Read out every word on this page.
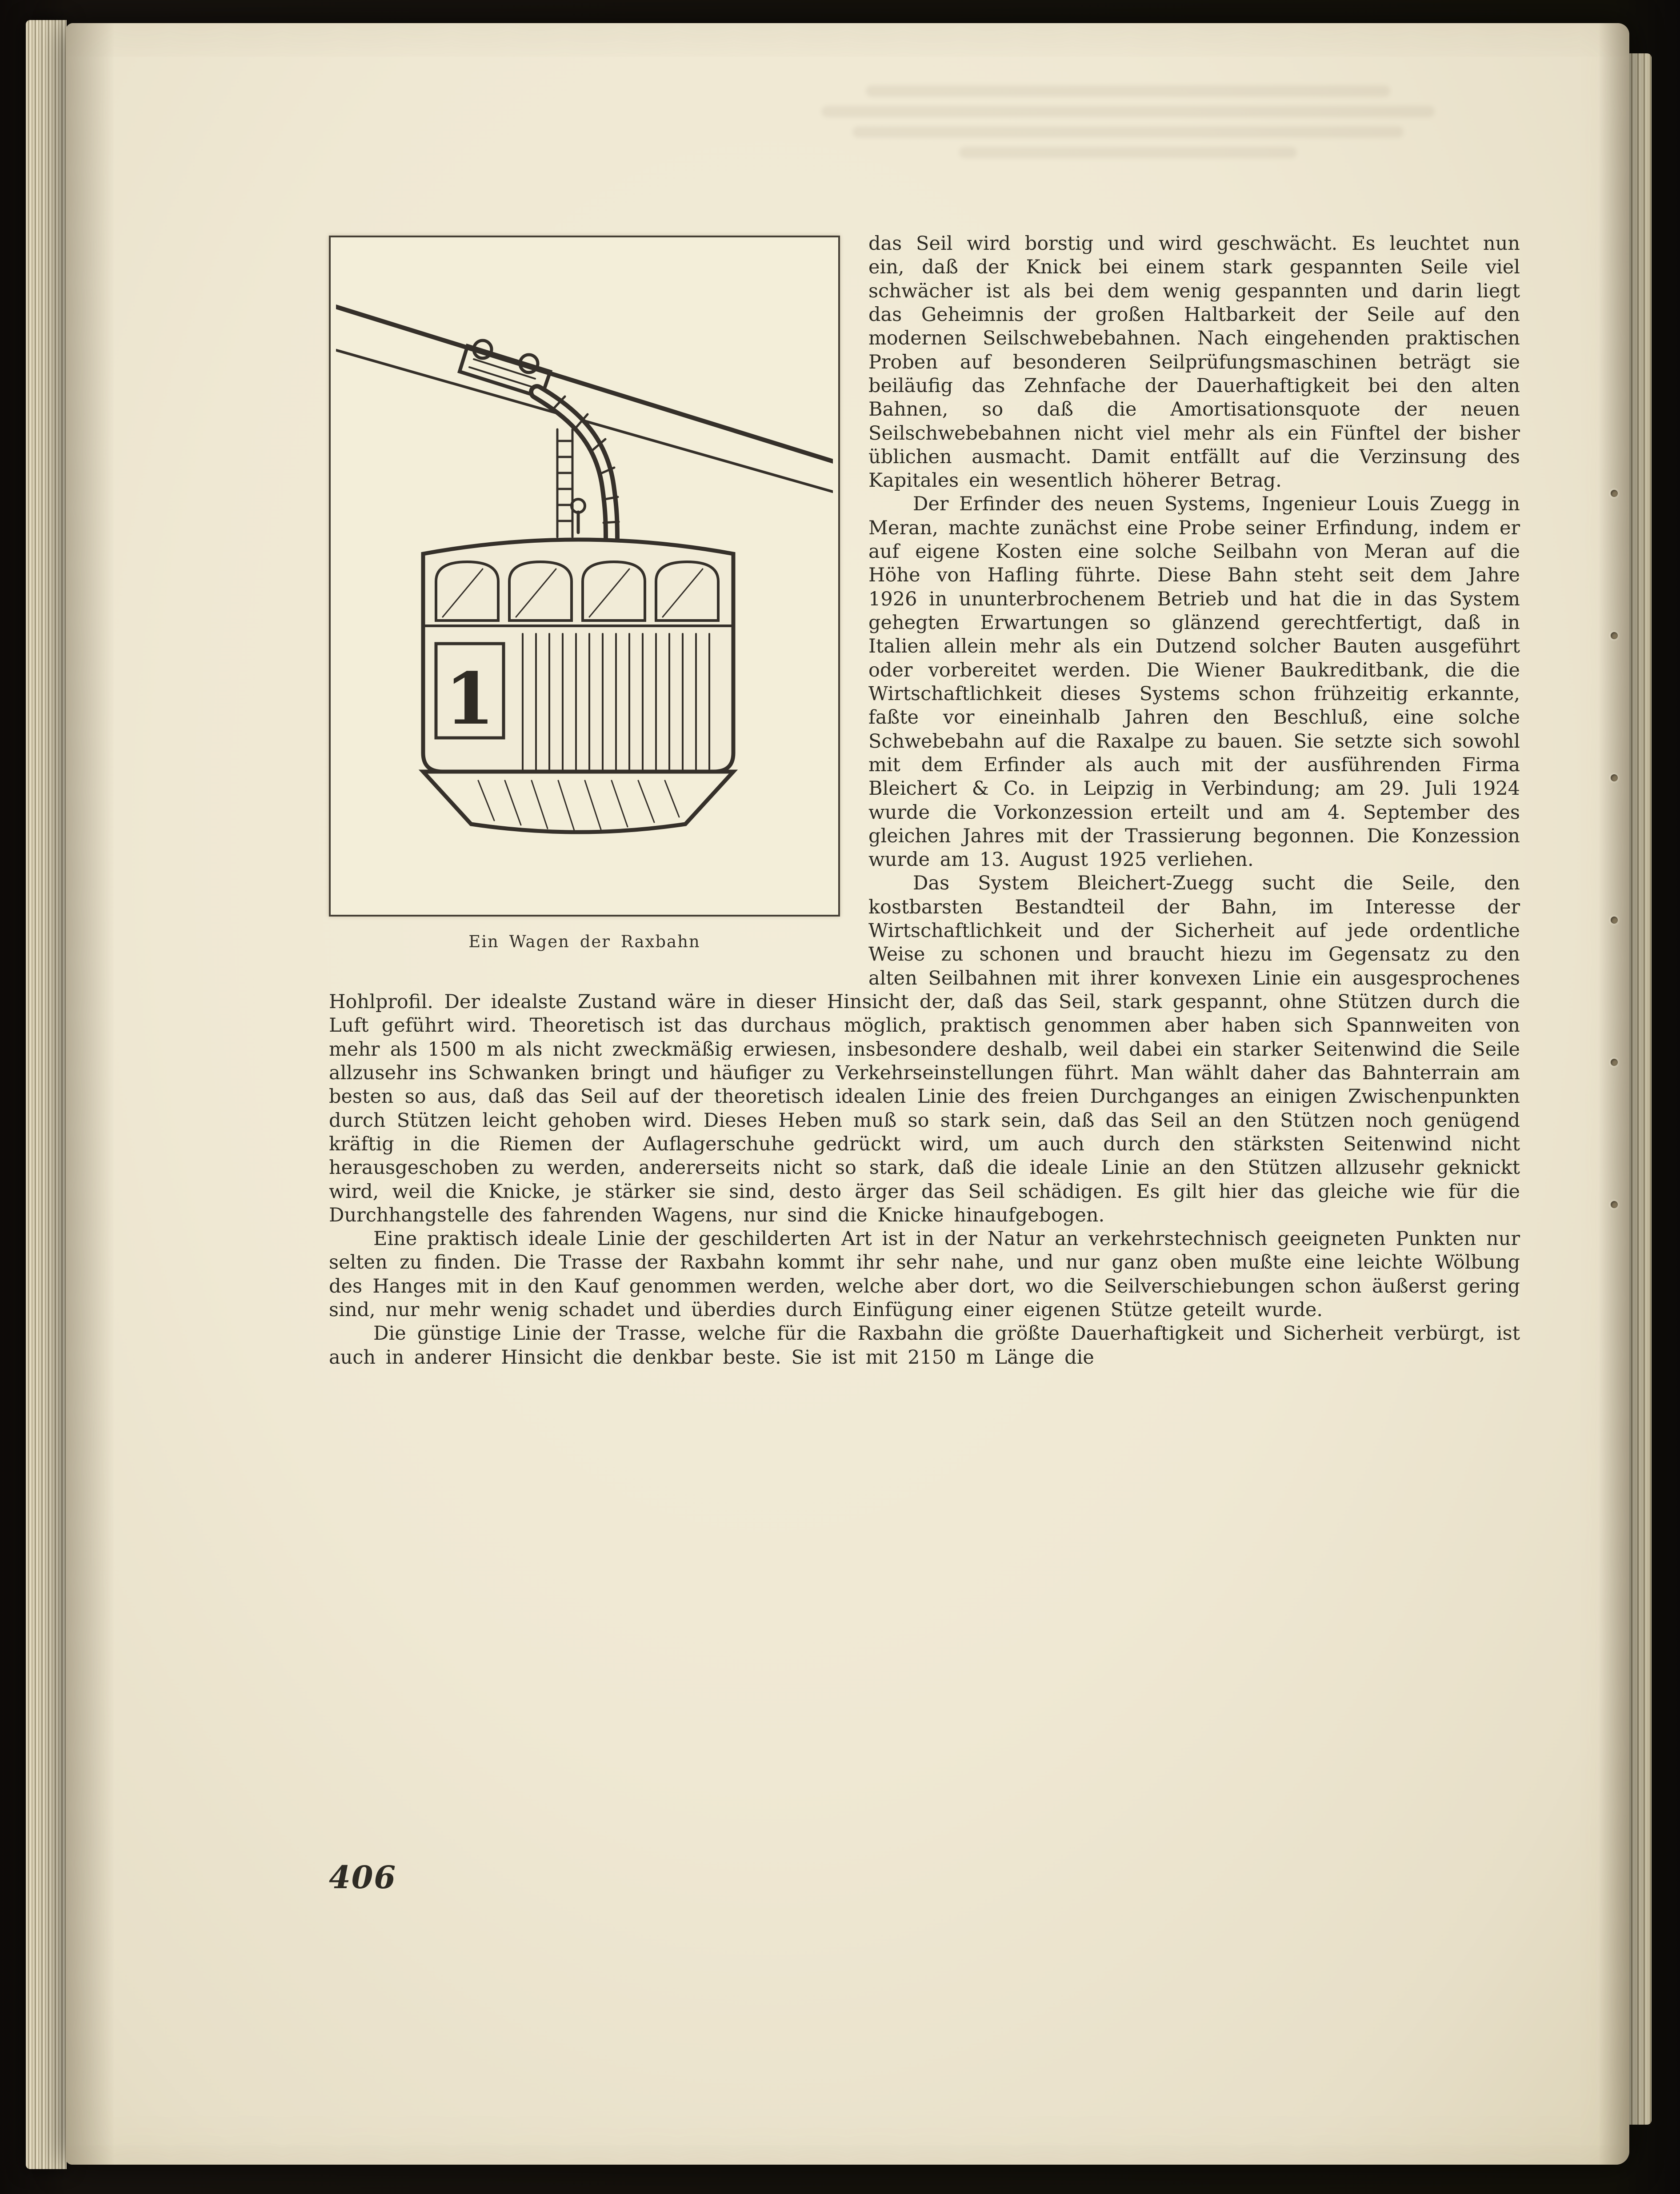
1
Ein Wagen der Raxbahn

das Seil wird borstig und wird geschwächt. Es leuchtet nun ein, daß der Knick bei einem stark gespannten Seile viel schwächer ist als bei dem wenig gespannten und darin liegt das Geheimnis der großen Haltbarkeit der Seile auf den modernen Seilschwebebahnen. Nach eingehenden praktischen Proben auf besonderen Seilprüfungsmaschinen beträgt sie beiläufig das Zehnfache der Dauerhaftigkeit bei den alten Bahnen, so daß die Amortisationsquote der neuen Seilschwebebahnen nicht viel mehr als ein Fünftel der bisher üblichen ausmacht. Damit entfällt auf die Verzinsung des Kapitales ein wesentlich höherer Betrag.

Der Erfinder des neuen Systems, Ingenieur Louis Zuegg in Meran, machte zunächst eine Probe seiner Erfindung, indem er auf eigene Kosten eine solche Seilbahn von Meran auf die Höhe von Hafling führte. Diese Bahn steht seit dem Jahre 1926 in ununterbrochenem Betrieb und hat die in das System gehegten Erwartungen so glänzend gerechtfertigt, daß in Italien allein mehr als ein Dutzend solcher Bauten ausgeführt oder vorbereitet werden. Die Wiener Baukreditbank, die die Wirtschaftlichkeit dieses Systems schon frühzeitig erkannte, faßte vor eineinhalb Jahren den Beschluß, eine solche Schwebebahn auf die Raxalpe zu bauen. Sie setzte sich sowohl mit dem Erfinder als auch mit der ausführenden Firma Bleichert & Co. in Leipzig in Verbindung; am 29. Juli 1924 wurde die Vorkonzession erteilt und am 4. September des gleichen Jahres mit der Trassierung begonnen. Die Konzession wurde am 13. August 1925 verliehen.

Das System Bleichert-Zuegg sucht die Seile, den kostbarsten Bestandteil der Bahn, im Interesse der Wirtschaftlichkeit und der Sicherheit auf jede ordentliche Weise zu schonen und braucht hiezu im Gegensatz zu den alten Seilbahnen mit ihrer konvexen Linie ein ausgesprochenes Hohlprofil. Der idealste Zustand wäre in dieser Hinsicht der, daß das Seil, stark gespannt, ohne Stützen durch die Luft geführt wird. Theoretisch ist das durchaus möglich, praktisch genommen aber haben sich Spannweiten von mehr als 1500 m als nicht zweckmäßig erwiesen, insbesondere deshalb, weil dabei ein starker Seitenwind die Seile allzusehr ins Schwanken bringt und häufiger zu Verkehrseinstellungen führt. Man wählt daher das Bahnterrain am besten so aus, daß das Seil auf der theoretisch idealen Linie des freien Durchganges an einigen Zwischenpunkten durch Stützen leicht gehoben wird. Dieses Heben muß so stark sein, daß das Seil an den Stützen noch genügend kräftig in die Riemen der Auflagerschuhe gedrückt wird, um auch durch den stärksten Seitenwind nicht herausgeschoben zu werden, andererseits nicht so stark, daß die ideale Linie an den Stützen allzusehr geknickt wird, weil die Knicke, je stärker sie sind, desto ärger das Seil schädigen. Es gilt hier das gleiche wie für die Durchhangstelle des fahrenden Wagens, nur sind die Knicke hinaufgebogen.

Eine praktisch ideale Linie der geschilderten Art ist in der Natur an verkehrstechnisch geeigneten Punkten nur selten zu finden. Die Trasse der Raxbahn kommt ihr sehr nahe, und nur ganz oben mußte eine leichte Wölbung des Hanges mit in den Kauf genommen werden, welche aber dort, wo die Seilverschiebungen schon äußerst gering sind, nur mehr wenig schadet und überdies durch Einfügung einer eigenen Stütze geteilt wurde.

Die günstige Linie der Trasse, welche für die Raxbahn die größte Dauerhaftigkeit und Sicherheit verbürgt, ist auch in anderer Hinsicht die denkbar beste. Sie ist mit 2150 m Länge die

406
